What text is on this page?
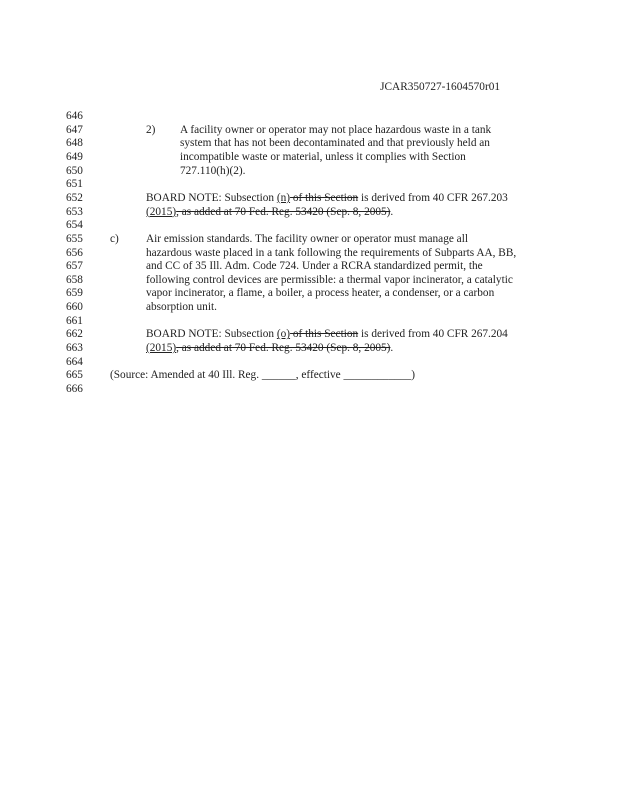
JCAR350727-1604570r01
646
647	2) A facility owner or operator may not place hazardous waste in a tank
648	system that has not been decontaminated and that previously held an
649	incompatible waste or material, unless it complies with Section
650	727.110(h)(2).
651
652	BOARD NOTE: Subsection (n) of this Section is derived from 40 CFR 267.203
653	(2015), as added at 70 Fed. Reg. 53420 (Sep. 8, 2005).
654
655 c) Air emission standards. The facility owner or operator must manage all
656	hazardous waste placed in a tank following the requirements of Subparts AA, BB,
657	and CC of 35 Ill. Adm. Code 724. Under a RCRA standardized permit, the
658	following control devices are permissible: a thermal vapor incinerator, a catalytic
659	vapor incinerator, a flame, a boiler, a process heater, a condenser, or a carbon
660	absorption unit.
661
662	BOARD NOTE: Subsection (o) of this Section is derived from 40 CFR 267.204
663	(2015), as added at 70 Fed. Reg. 53420 (Sep. 8, 2005).
664
665 (Source: Amended at 40 Ill. Reg. ______, effective ____________)
666
